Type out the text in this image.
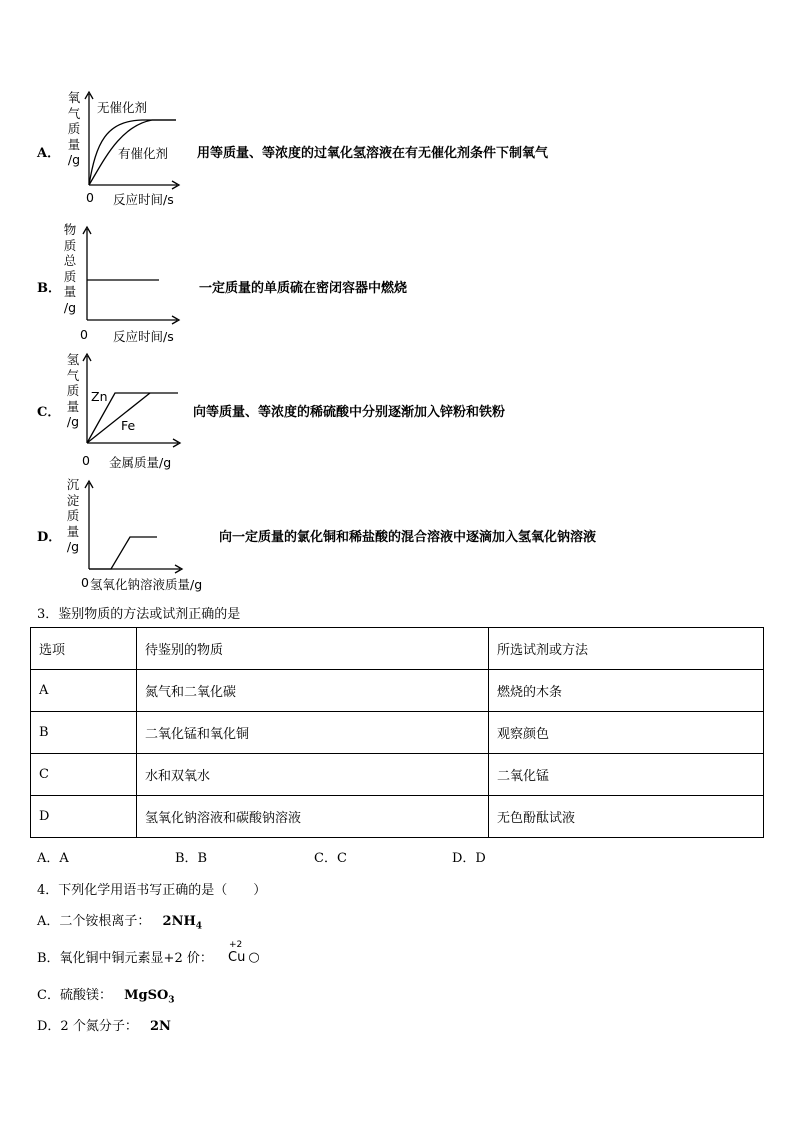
A．
氧
气
质
量
/g
无催化剂
有催化剂
0 反应时间/s
用等质量、等浓度的过氧化氢溶液在有无催化剂条件下制氧气
B．
物
质
总
质
量
/g
0 反应时间/s
一定质量的单质硫在密闭容器中燃烧
C．
氢
气
质
量
/g
Zn
Fe
0 金属质量/g
向等质量、等浓度的稀硫酸中分别逐渐加入锌粉和铁粉
D．
沉
淀
质
量
/g
0 氢氧化钠溶液质量/g
向一定质量的氯化铜和稀盐酸的混合溶液中逐滴加入氢氧化钠溶液
3．鉴别物质的方法或试剂正确的是
选项	待鉴别的物质	所选试剂或方法
A	氮气和二氧化碳	燃烧的木条
B	二氧化锰和氧化铜	观察颜色
C	水和双氧水	二氧化锰
D	氢氧化钠溶液和碳酸钠溶液	无色酚酞试液
A．A	B．B	C．C	D．D
4．下列化学用语书写正确的是（　　）
A．二个铵根离子： $2NH_4$
B．氧化铜中铜元素显+2 价：
+2
Cu ○
C．硫酸镁： MgSO$_3$
D．2 个氮分子： 2N
